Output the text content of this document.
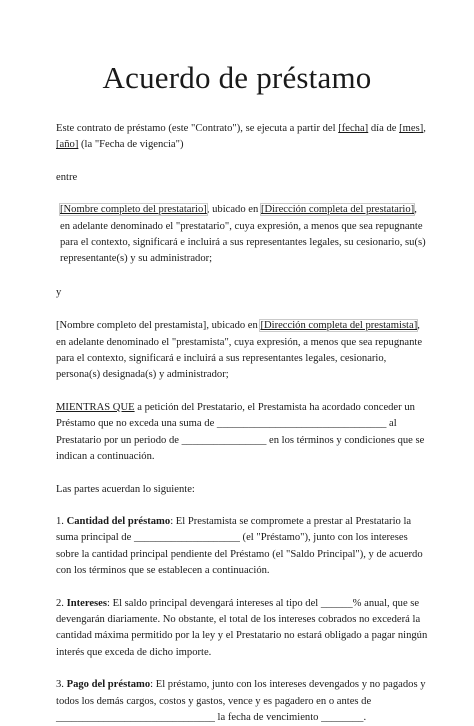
Acuerdo de préstamo

Este contrato de préstamo (este "Contrato"), se ejecuta a partir del [fecha] día de [mes], [año] (la "Fecha de vigencia")

entre

[Nombre completo del prestatario], ubicado en [Dirección completa del prestatario], en adelante denominado el "prestatario", cuya expresión, a menos que sea repugnante para el contexto, significará e incluirá a sus representantes legales, su cesionario, su(s) representante(s) y su administrador;

y

[Nombre completo del prestamista], ubicado en [Dirección completa del prestamista], en adelante denominado el "prestamista", cuya expresión, a menos que sea repugnante para el contexto, significará e incluirá a sus representantes legales, cesionario, persona(s) designada(s) y administrador;

MIENTRAS QUE a petición del Prestatario, el Prestamista ha acordado conceder un Préstamo que no exceda una suma de ________________________________ al Prestatario por un periodo de ________________ en los términos y condiciones que se indican a continuación.

Las partes acuerdan lo siguiente:

1. Cantidad del préstamo: El Prestamista se compromete a prestar al Prestatario la suma principal de ____________________ (el "Préstamo"), junto con los intereses sobre la cantidad principal pendiente del Préstamo (el "Saldo Principal"), y de acuerdo con los términos que se establecen a continuación.

2. Intereses: El saldo principal devengará intereses al tipo del ______% anual, que se devengarán diariamente. No obstante, el total de los intereses cobrados no excederá la cantidad máxima permitido por la ley y el Prestatario no estará obligado a pagar ningún interés que exceda de dicho importe.

3. Pago del préstamo: El préstamo, junto con los intereses devengados y no pagados y todos los demás cargos, costos y gastos, vence y es pagadero en o antes de ______________________________ la fecha de vencimiento ________.
